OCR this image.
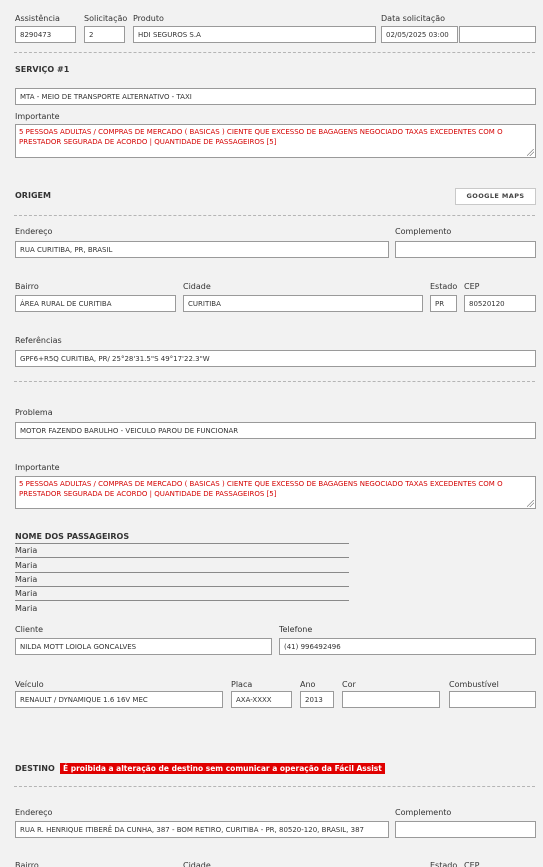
Assistência
8290473
Solicitação
2
Produto
HDI SEGUROS S.A
Data solicitação
02/05/2025 03:00
SERVIÇO #1
MTA - MEIO DE TRANSPORTE ALTERNATIVO - TAXI
Importante
5 PESSOAS ADULTAS / COMPRAS DE MERCADO ( BASICAS ) CIENTE QUE EXCESSO DE BAGAGENS NEGOCIADO TAXAS EXCEDENTES COM O PRESTADOR SEGURADA DE ACORDO | QUANTIDADE DE PASSAGEIROS [5]
ORIGEM	GOOGLE MAPS
Endereço
RUA CURITIBA, PR, BRASIL
Complemento
Bairro
ÁREA RURAL DE CURITIBA
Cidade
CURITIBA
Estado
PR
CEP
80520120
Referências
GPF6+R5Q CURITIBA, PR/ 25°28'31.5"S 49°17'22.3"W
Problema
MOTOR FAZENDO BARULHO - VEICULO PAROU DE FUNCIONAR
Importante
5 PESSOAS ADULTAS / COMPRAS DE MERCADO ( BASICAS ) CIENTE QUE EXCESSO DE BAGAGENS NEGOCIADO TAXAS EXCEDENTES COM O PRESTADOR SEGURADA DE ACORDO | QUANTIDADE DE PASSAGEIROS [5]
NOME DOS PASSAGEIROS
Maria
Maria
Maria
Maria
Maria
Cliente
NILDA MOTT LOIOLA GONCALVES
Telefone
(41) 996492496
Veículo
RENAULT / DYNAMIQUE 1.6 16V MEC
Placa
AXA-XXXX
Ano
2013
Cor	Combustível
DESTINO	É proibida a alteração de destino sem comunicar a operação da Fácil Assist
Endereço
RUA R. HENRIQUE ITIBERÊ DA CUNHA, 387 - BOM RETIRO, CURITIBA - PR, 80520-120, BRASIL, 387
Complemento
Bairro	Cidade	Estado CEP
